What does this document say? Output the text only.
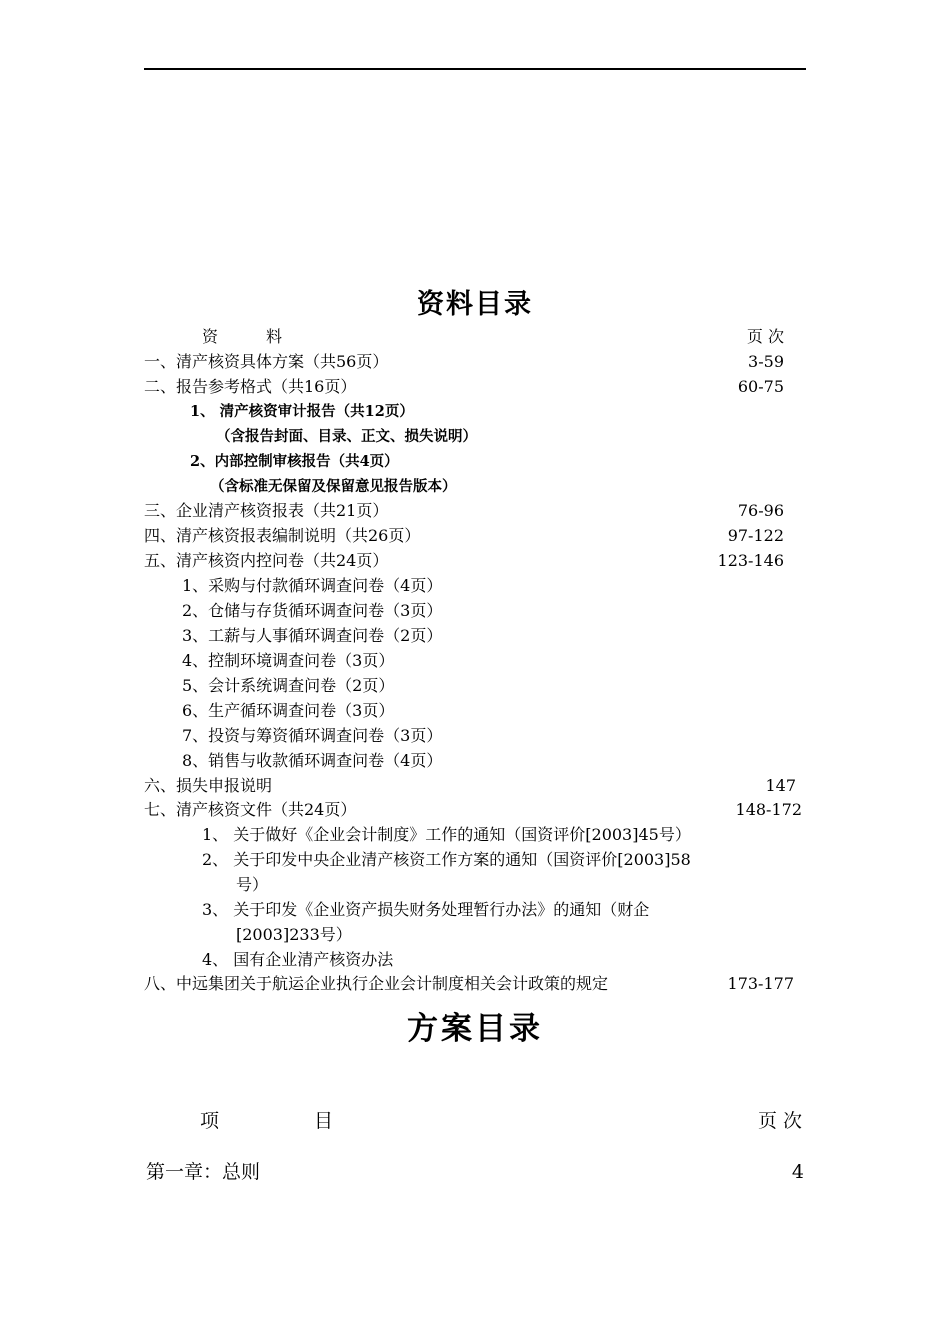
资料目录
资　　　料	页 次
一、清产核资具体方案（共56页）	3-59
二、报告参考格式（共16页）	60-75
1、 清产核资审计报告（共12页）
（含报告封面、目录、正文、损失说明）
2、内部控制审核报告（共4页）
（含标准无保留及保留意见报告版本）
三、企业清产核资报表（共21页）	76-96
四、清产核资报表编制说明（共26页）	97-122
五、清产核资内控问卷（共24页）	123-146
1、采购与付款循环调查问卷（4页）
2、仓储与存货循环调查问卷（3页）
3、工薪与人事循环调查问卷（2页）
4、控制环境调查问卷（3页）
5、会计系统调查问卷（2页）
6、生产循环调查问卷（3页）
7、投资与筹资循环调查问卷（3页）
8、销售与收款循环调查问卷（4页）
六、损失申报说明	147
七、清产核资文件（共24页）	148-172
1、 关于做好《企业会计制度》工作的通知（国资评价[2003]45号）
2、 关于印发中央企业清产核资工作方案的通知（国资评价[2003]58
号）
3、 关于印发《企业资产损失财务处理暂行办法》的通知（财企
[2003]233号）
4、 国有企业清产核资办法
八、中远集团关于航运企业执行企业会计制度相关会计政策的规定	173-177
方案目录
项　　　　　目	页 次
第一章：总则	4
